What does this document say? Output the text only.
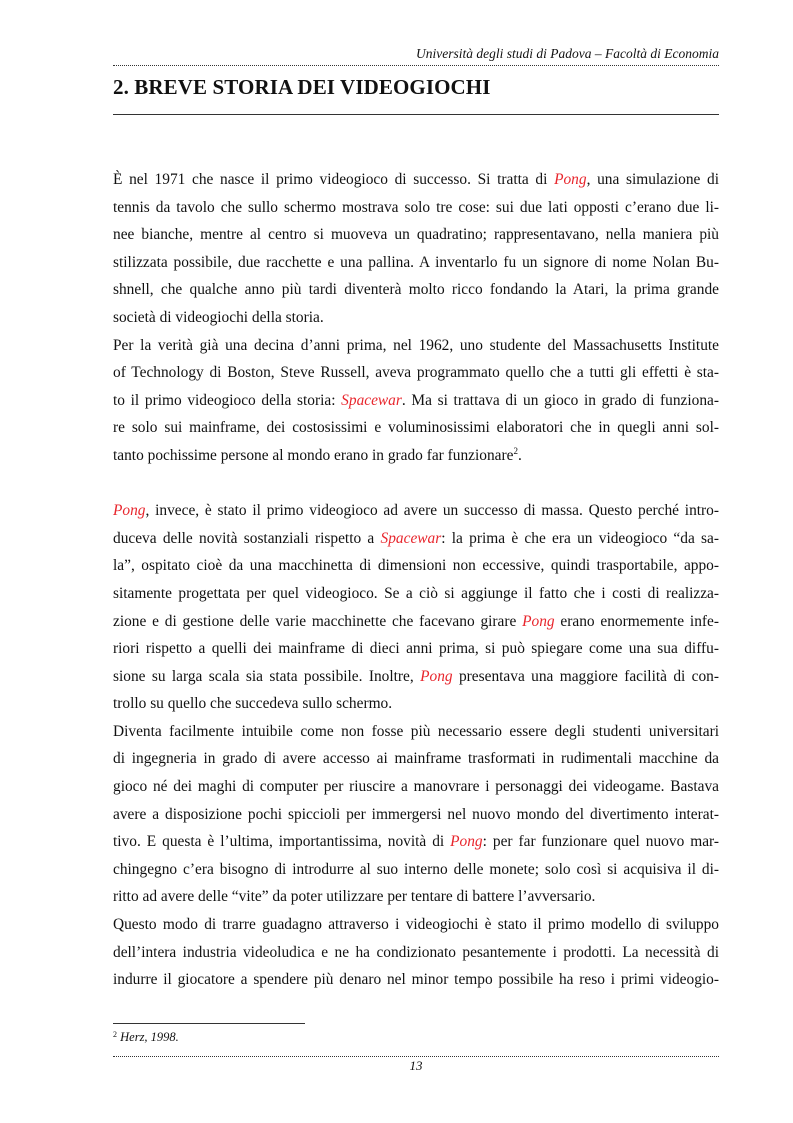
Università degli studi di Padova – Facoltà di Economia
2. BREVE STORIA DEI VIDEOGIOCHI

È nel 1971 che nasce il primo videogioco di successo. Si tratta di Pong, una simulazione di
tennis da tavolo che sullo schermo mostrava solo tre cose: sui due lati opposti c’erano due li-
nee bianche, mentre al centro si muoveva un quadratino; rappresentavano, nella maniera più
stilizzata possibile, due racchette e una pallina. A inventarlo fu un signore di nome Nolan Bu-
shnell, che qualche anno più tardi diventerà molto ricco fondando la Atari, la prima grande
società di videogiochi della storia.

Per la verità già una decina d’anni prima, nel 1962, uno studente del Massachusetts Institute
of Technology di Boston, Steve Russell, aveva programmato quello che a tutti gli effetti è sta-
to il primo videogioco della storia: Spacewar. Ma si trattava di un gioco in grado di funziona-
re solo sui mainframe, dei costosissimi e voluminosissimi elaboratori che in quegli anni sol-
tanto pochissime persone al mondo erano in grado far funzionare$^2$.

Pong, invece, è stato il primo videogioco ad avere un successo di massa. Questo perché intro-
duceva delle novità sostanziali rispetto a Spacewar: la prima è che era un videogioco “da sa-
la”, ospitato cioè da una macchinetta di dimensioni non eccessive, quindi trasportabile, appo-
sitamente progettata per quel videogioco. Se a ciò si aggiunge il fatto che i costi di realizza-
zione e di gestione delle varie macchinette che facevano girare Pong erano enormemente infe-
riori rispetto a quelli dei mainframe di dieci anni prima, si può spiegare come una sua diffu-
sione su larga scala sia stata possibile. Inoltre, Pong presentava una maggiore facilità di con-
trollo su quello che succedeva sullo schermo.

Diventa facilmente intuibile come non fosse più necessario essere degli studenti universitari
di ingegneria in grado di avere accesso ai mainframe trasformati in rudimentali macchine da
gioco né dei maghi di computer per riuscire a manovrare i personaggi dei videogame. Bastava
avere a disposizione pochi spiccioli per immergersi nel nuovo mondo del divertimento interat-
tivo. E questa è l’ultima, importantissima, novità di Pong: per far funzionare quel nuovo mar-
chingegno c’era bisogno di introdurre al suo interno delle monete; solo così si acquisiva il di-
ritto ad avere delle “vite” da poter utilizzare per tentare di battere l’avversario.

Questo modo di trarre guadagno attraverso i videogiochi è stato il primo modello di sviluppo
dell’intera industria videoludica e ne ha condizionato pesantemente i prodotti. La necessità di
indurre il giocatore a spendere più denaro nel minor tempo possibile ha reso i primi videogio-

$^2$ Herz, 1998.
13
